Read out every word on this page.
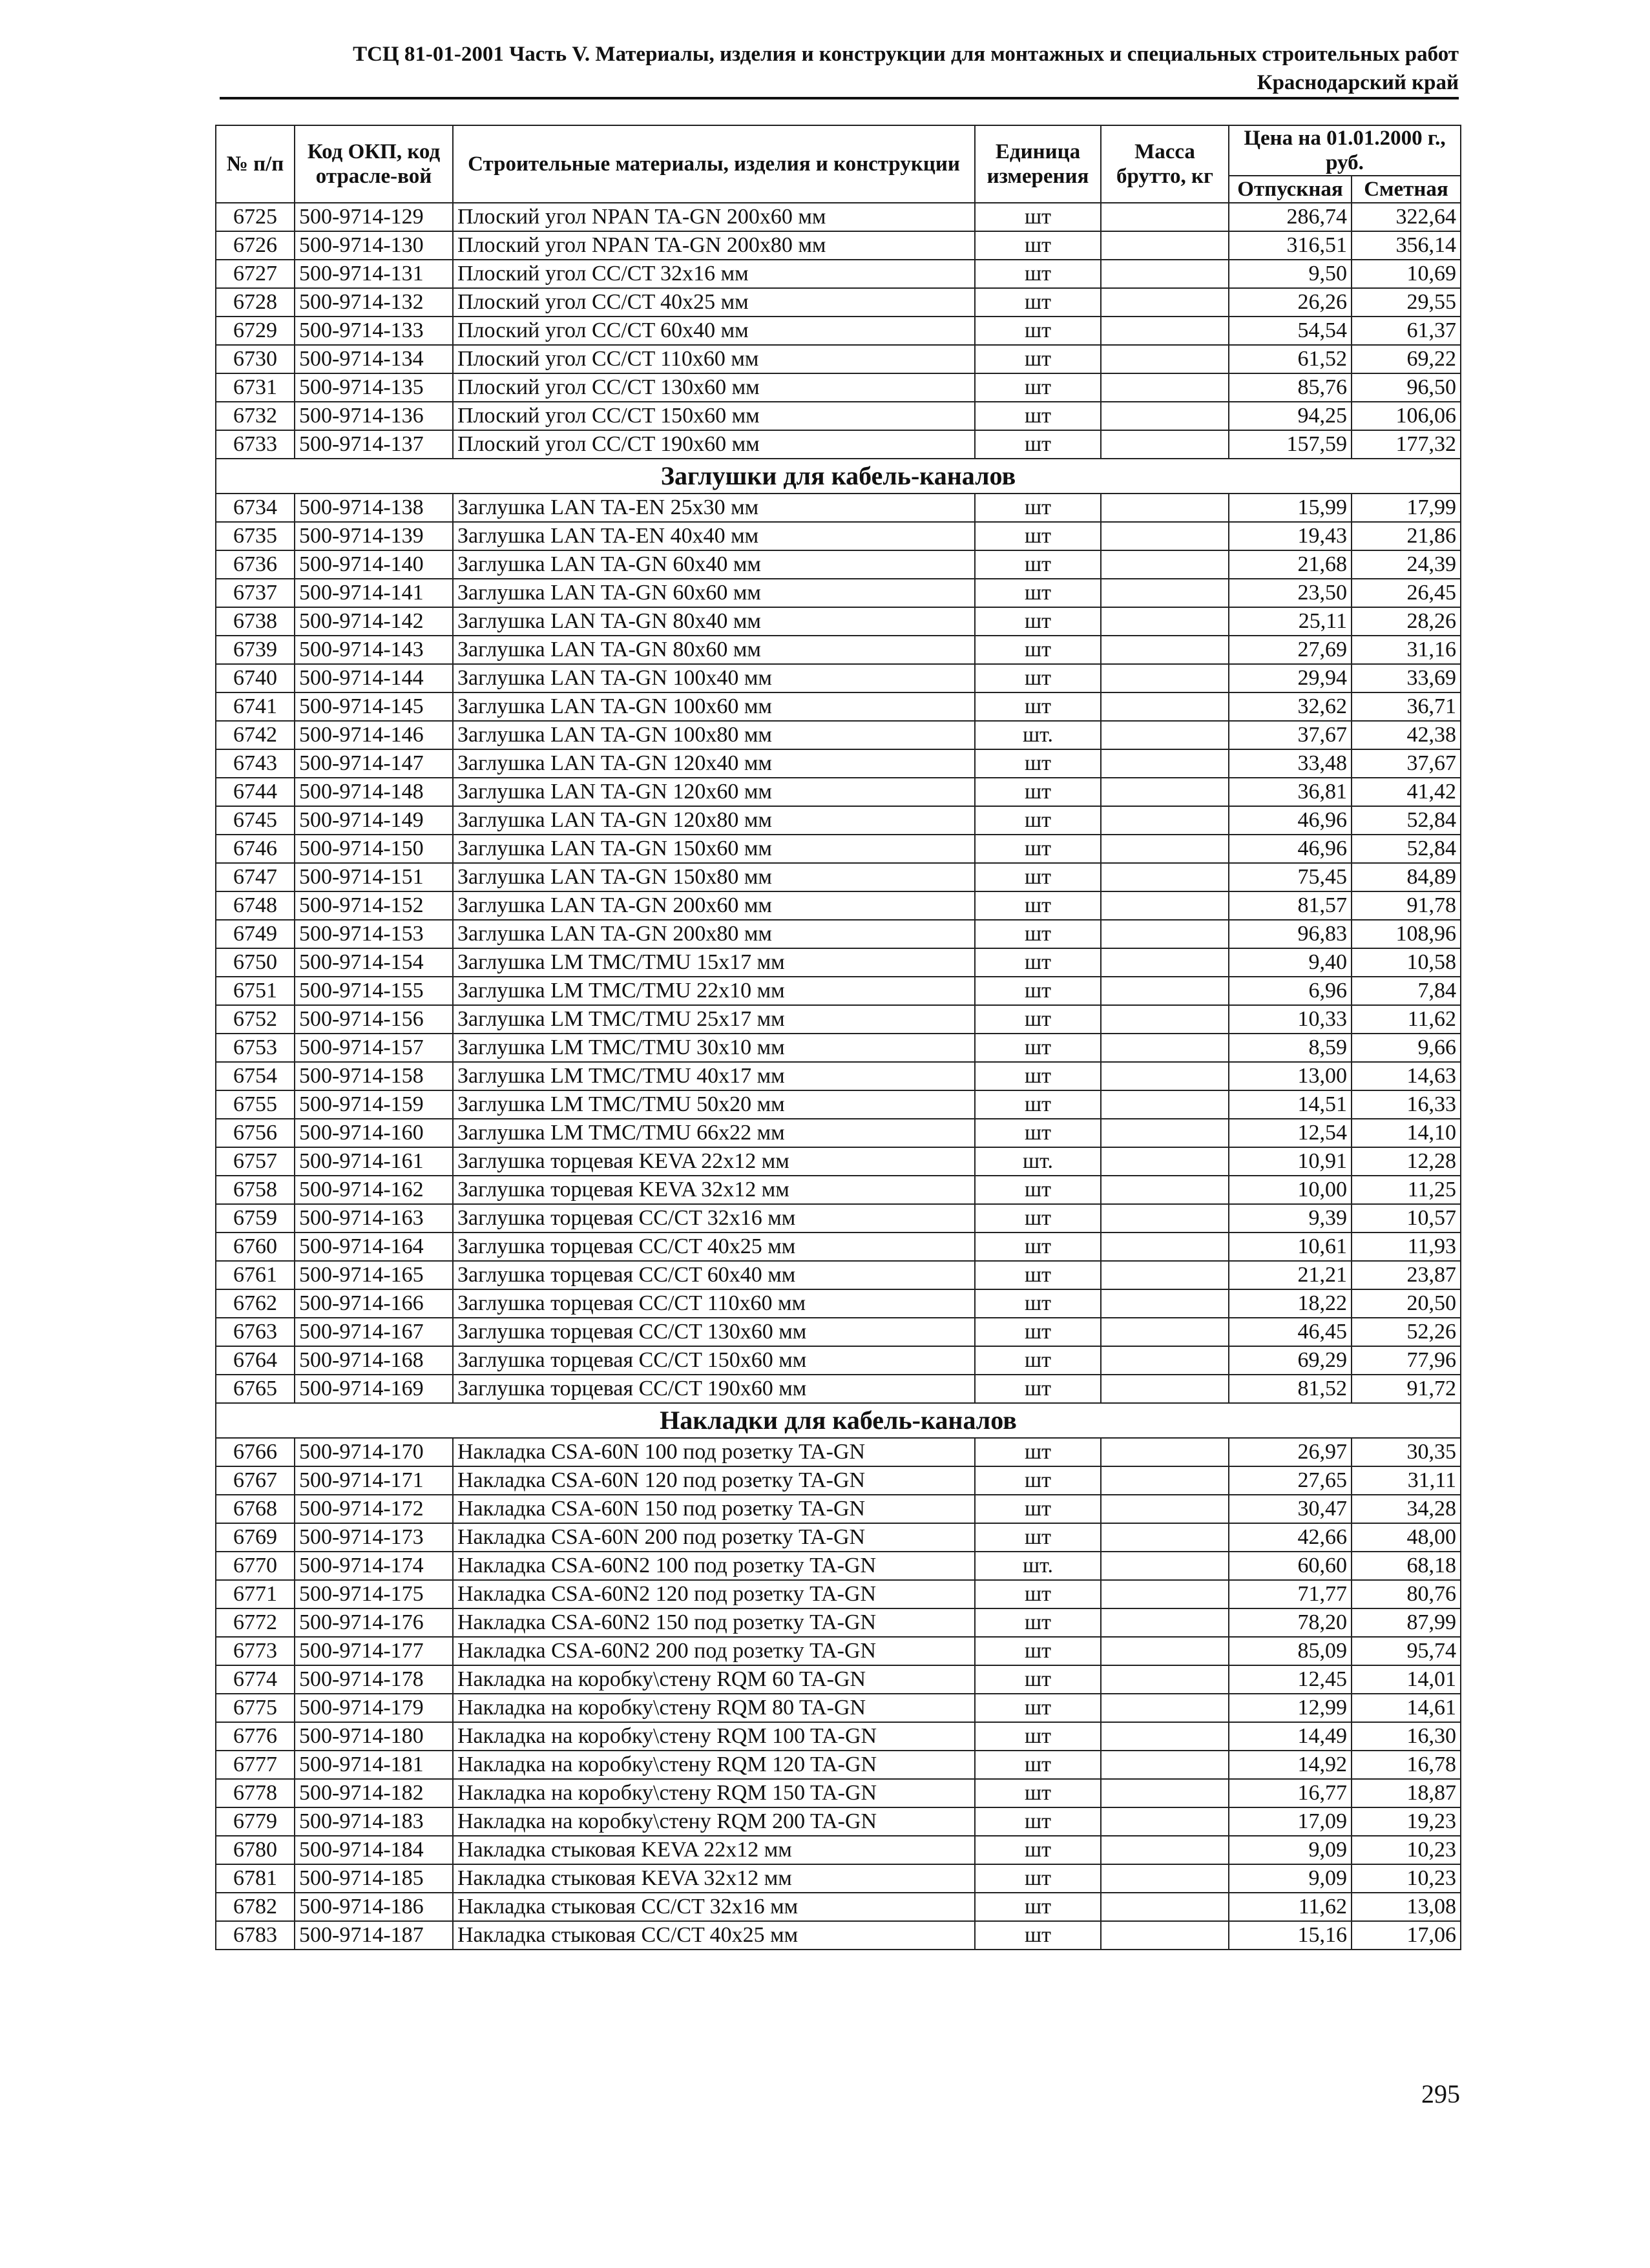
ТСЦ 81-01-2001 Часть V. Материалы, изделия и конструкции для монтажных и специальных строительных работ
Краснодарский край
№ п/п	Код ОКП, код отрасле-вой	Строительные материалы, изделия и конструкции	Единица измерения	Масса брутто, кг	Цена на 01.01.2000 г., руб.	
					Отпускная	Сметная
6725	500-9714-129	Плоский угол NPAN TA-GN 200х60 мм	шт		286,74	322,64
6726	500-9714-130	Плоский угол NPAN TA-GN 200х80 мм	шт		316,51	356,14
6727	500-9714-131	Плоский угол CC/CT 32х16 мм	шт		9,50	10,69
6728	500-9714-132	Плоский угол CC/CT 40х25 мм	шт		26,26	29,55
6729	500-9714-133	Плоский угол CC/CT 60х40 мм	шт		54,54	61,37
6730	500-9714-134	Плоский угол CC/CT 110х60 мм	шт		61,52	69,22
6731	500-9714-135	Плоский угол CC/CT 130х60 мм	шт		85,76	96,50
6732	500-9714-136	Плоский угол CC/CT 150х60 мм	шт		94,25	106,06
6733	500-9714-137	Плоский угол CC/CT 190х60 мм	шт		157,59	177,32
Заглушки для кабель-каналов						
6734	500-9714-138	Заглушка LAN TA-EN 25х30 мм	шт		15,99	17,99
6735	500-9714-139	Заглушка LAN TA-EN 40х40 мм	шт		19,43	21,86
6736	500-9714-140	Заглушка LAN TA-GN 60х40 мм	шт		21,68	24,39
6737	500-9714-141	Заглушка LAN TA-GN 60х60 мм	шт		23,50	26,45
6738	500-9714-142	Заглушка LAN TA-GN 80х40 мм	шт		25,11	28,26
6739	500-9714-143	Заглушка LAN TA-GN 80х60 мм	шт		27,69	31,16
6740	500-9714-144	Заглушка LAN TA-GN 100х40 мм	шт		29,94	33,69
6741	500-9714-145	Заглушка LAN TA-GN 100х60 мм	шт		32,62	36,71
6742	500-9714-146	Заглушка LAN TA-GN 100х80 мм	шт.		37,67	42,38
6743	500-9714-147	Заглушка LAN TA-GN 120х40 мм	шт		33,48	37,67
6744	500-9714-148	Заглушка LAN TA-GN 120х60 мм	шт		36,81	41,42
6745	500-9714-149	Заглушка LAN TA-GN 120х80 мм	шт		46,96	52,84
6746	500-9714-150	Заглушка LAN TA-GN 150х60 мм	шт		46,96	52,84
6747	500-9714-151	Заглушка LAN TA-GN 150х80 мм	шт		75,45	84,89
6748	500-9714-152	Заглушка LAN TA-GN 200х60 мм	шт		81,57	91,78
6749	500-9714-153	Заглушка LAN TA-GN 200х80 мм	шт		96,83	108,96
6750	500-9714-154	Заглушка LM TMC/TMU 15х17 мм	шт		9,40	10,58
6751	500-9714-155	Заглушка LM TMC/TMU 22х10 мм	шт		6,96	7,84
6752	500-9714-156	Заглушка LM TMC/TMU 25х17 мм	шт		10,33	11,62
6753	500-9714-157	Заглушка LM TMC/TMU 30х10 мм	шт		8,59	9,66
6754	500-9714-158	Заглушка LM TMC/TMU 40х17 мм	шт		13,00	14,63
6755	500-9714-159	Заглушка LM TMC/TMU 50х20 мм	шт		14,51	16,33
6756	500-9714-160	Заглушка LM TMC/TMU 66х22 мм	шт		12,54	14,10
6757	500-9714-161	Заглушка торцевая KEVA 22х12 мм	шт.		10,91	12,28
6758	500-9714-162	Заглушка торцевая KEVA 32х12 мм	шт		10,00	11,25
6759	500-9714-163	Заглушка торцевая CC/CT 32х16 мм	шт		9,39	10,57
6760	500-9714-164	Заглушка торцевая CC/CT 40х25 мм	шт		10,61	11,93
6761	500-9714-165	Заглушка торцевая CC/CT 60х40 мм	шт		21,21	23,87
6762	500-9714-166	Заглушка торцевая CC/CT 110х60 мм	шт		18,22	20,50
6763	500-9714-167	Заглушка торцевая CC/CT 130х60 мм	шт		46,45	52,26
6764	500-9714-168	Заглушка торцевая CC/CT 150х60 мм	шт		69,29	77,96
6765	500-9714-169	Заглушка торцевая CC/CT 190х60 мм	шт		81,52	91,72
Накладки для кабель-каналов						
6766	500-9714-170	Накладка CSA-60N 100 под розетку TA-GN	шт		26,97	30,35
6767	500-9714-171	Накладка CSA-60N 120 под розетку TA-GN	шт		27,65	31,11
6768	500-9714-172	Накладка CSA-60N 150 под розетку TA-GN	шт		30,47	34,28
6769	500-9714-173	Накладка CSA-60N 200 под розетку TA-GN	шт		42,66	48,00
6770	500-9714-174	Накладка CSA-60N2 100 под розетку TA-GN	шт.		60,60	68,18
6771	500-9714-175	Накладка CSA-60N2 120 под розетку TA-GN	шт		71,77	80,76
6772	500-9714-176	Накладка CSA-60N2 150 под розетку TA-GN	шт		78,20	87,99
6773	500-9714-177	Накладка CSA-60N2 200 под розетку TA-GN	шт		85,09	95,74
6774	500-9714-178	Накладка на коробку\стену RQM 60 TA-GN	шт		12,45	14,01
6775	500-9714-179	Накладка на коробку\стену RQM 80 TA-GN	шт		12,99	14,61
6776	500-9714-180	Накладка на коробку\стену RQM 100 TA-GN	шт		14,49	16,30
6777	500-9714-181	Накладка на коробку\стену RQM 120 TA-GN	шт		14,92	16,78
6778	500-9714-182	Накладка на коробку\стену RQM 150 TA-GN	шт		16,77	18,87
6779	500-9714-183	Накладка на коробку\стену RQM 200 TA-GN	шт		17,09	19,23
6780	500-9714-184	Накладка стыковая KEVA 22х12 мм	шт		9,09	10,23
6781	500-9714-185	Накладка стыковая KEVA 32х12 мм	шт		9,09	10,23
6782	500-9714-186	Накладка стыковая CC/CT 32х16 мм	шт		11,62	13,08
6783	500-9714-187	Накладка стыковая CC/CT 40х25 мм	шт		15,16	17,06
295
